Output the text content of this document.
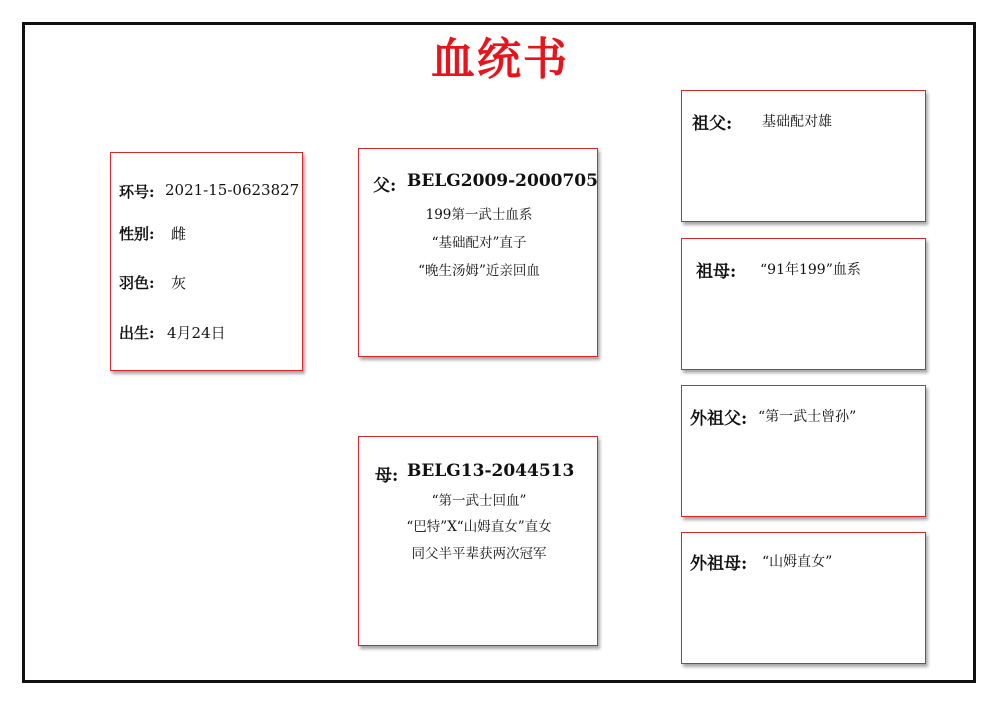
血统书
环号: 2021-15-0623827
性别: 雌
羽色: 灰
出生: 4月24日
父: BELG2009-2000705
199第一武士血系
“基础配对”直子
“晚生汤姆”近亲回血
母: BELG13-2044513
“第一武士回血”
“巴特”X“山姆直女”直女
同父半平辈获两次冠军
祖父: 基础配对雄
祖母: “91年199”血系
外祖父: “第一武士曾孙”
外祖母: “山姆直女”
